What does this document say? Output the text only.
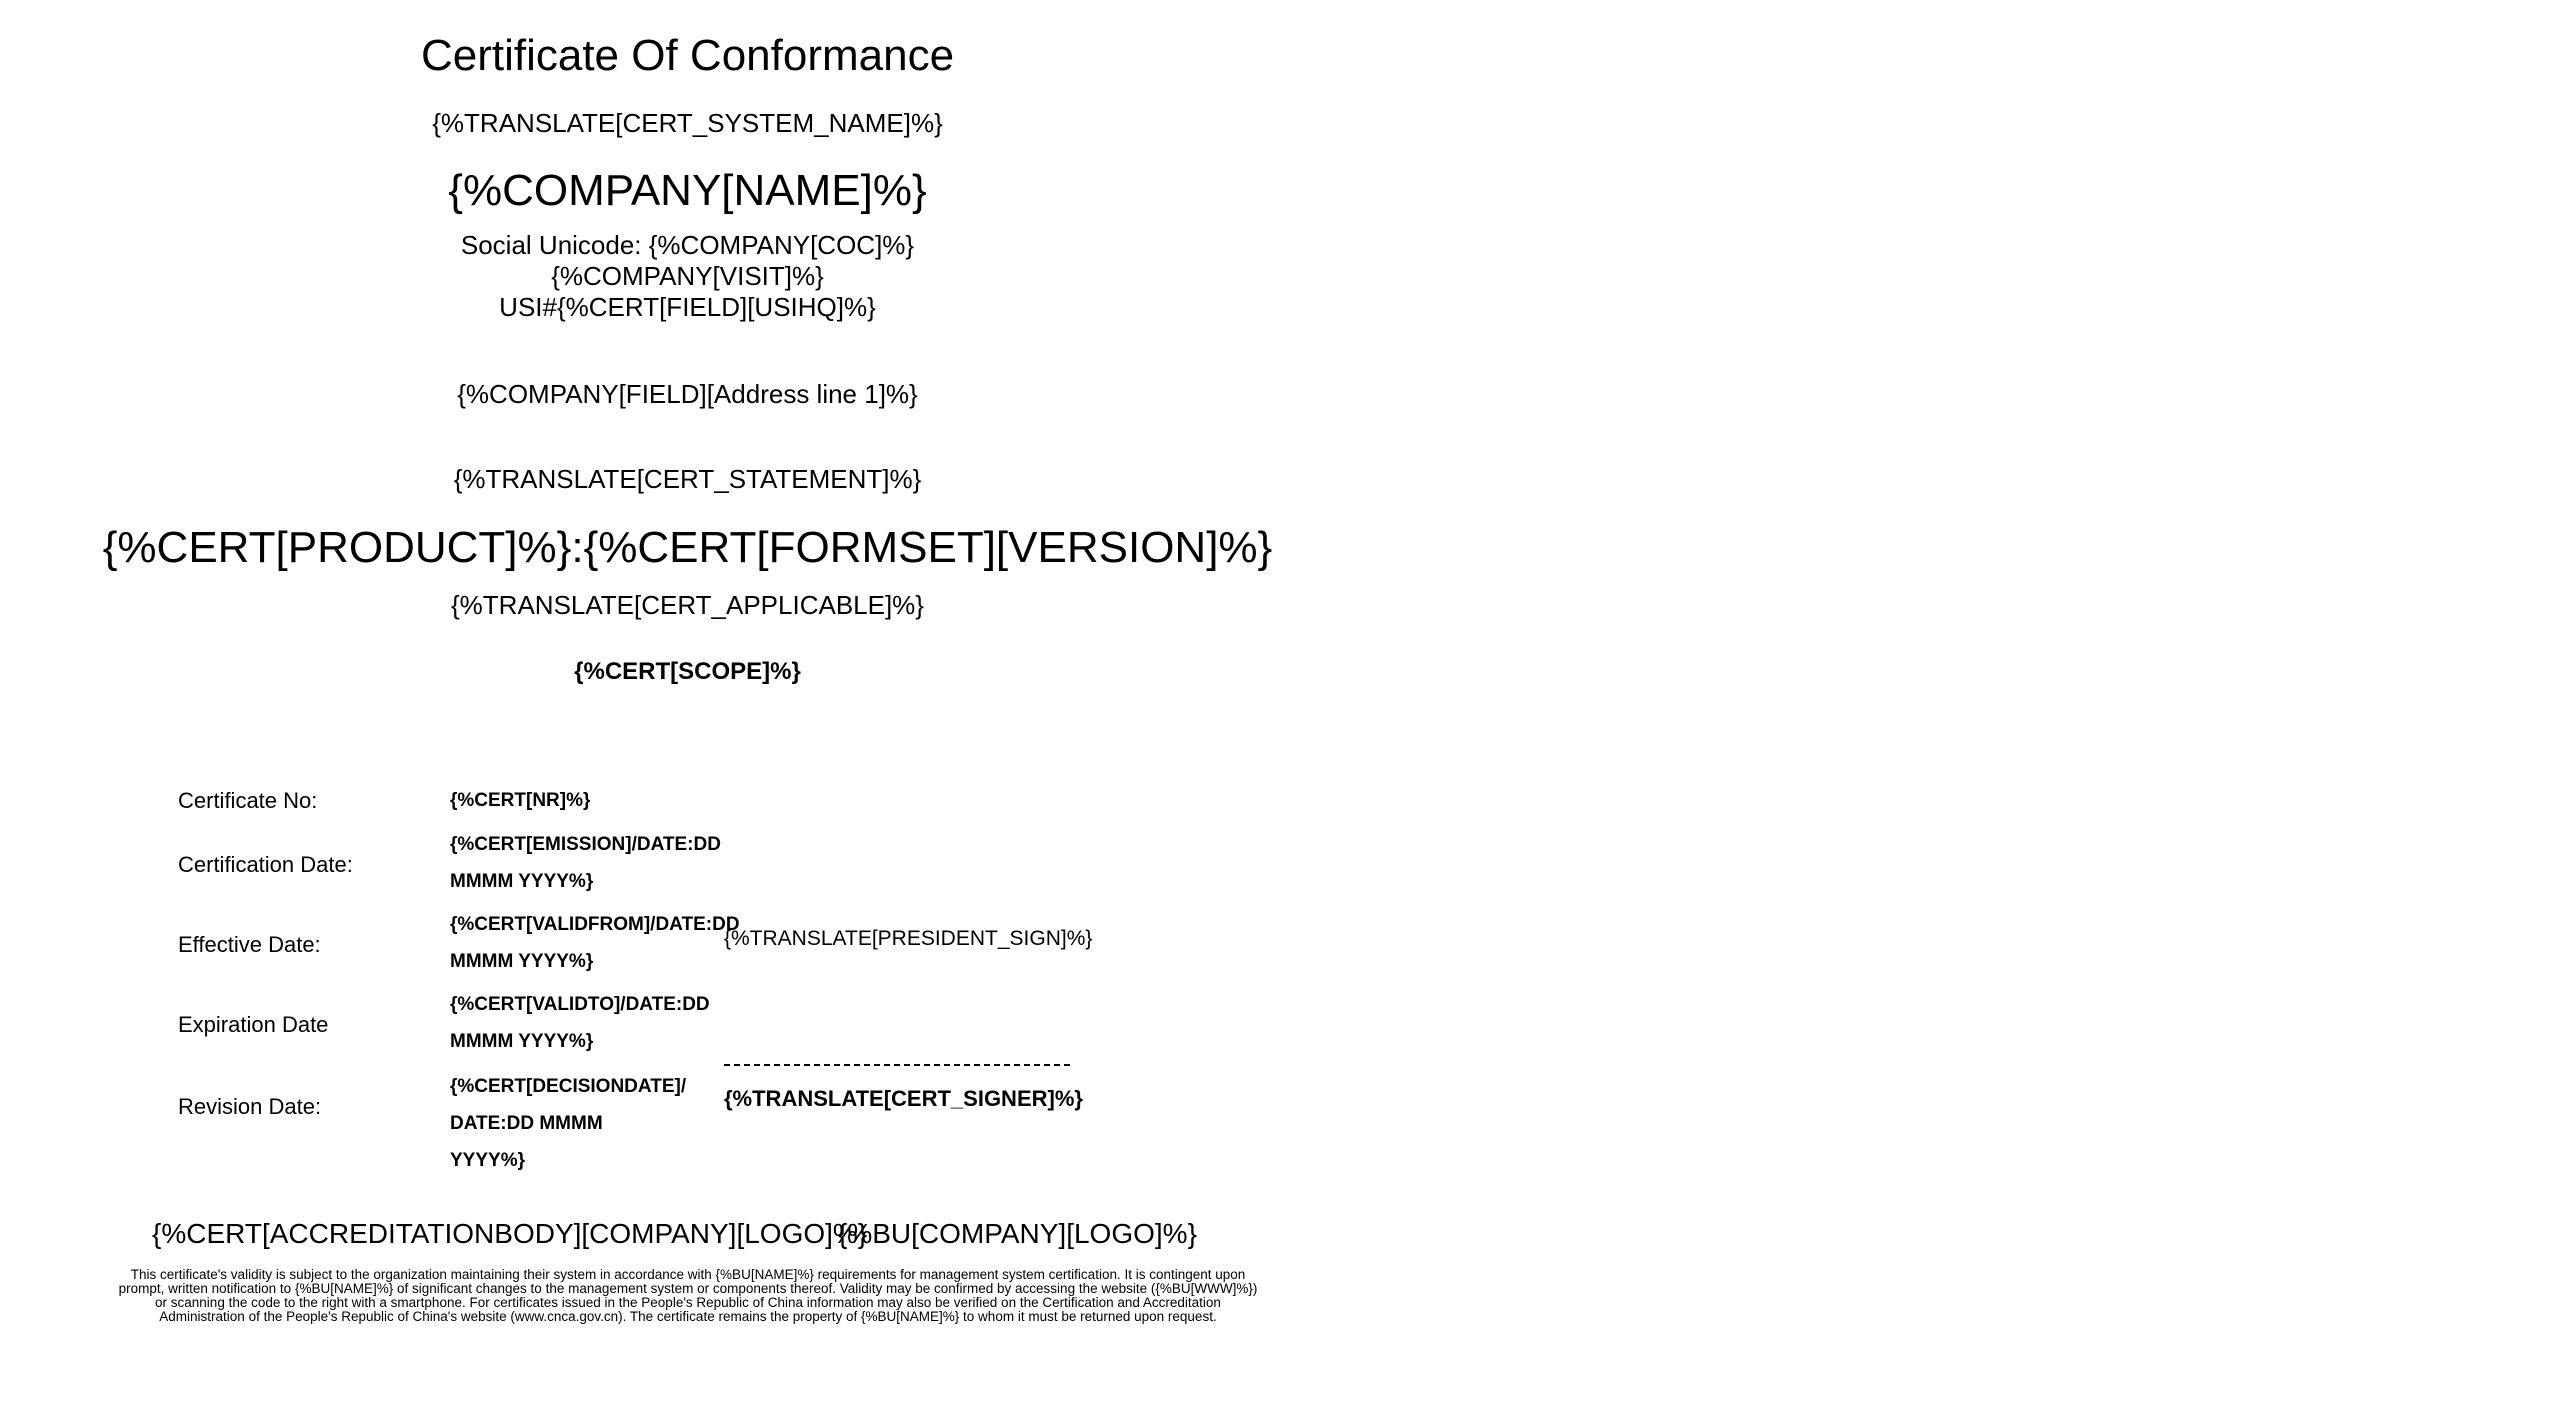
Certificate Of Conformance
{%TRANSLATE[CERT_SYSTEM_NAME]%}
{%COMPANY[NAME]%}
Social Unicode: {%COMPANY[COC]%}
{%COMPANY[VISIT]%}
USI#{%CERT[FIELD][USIHQ]%}
{%COMPANY[FIELD][Address line 1]%}
{%TRANSLATE[CERT_STATEMENT]%}
{%CERT[PRODUCT]%}:{%CERT[FORMSET][VERSION]%}
{%TRANSLATE[CERT_APPLICABLE]%}
{%CERT[SCOPE]%}
Certificate No:	{%CERT[NR]%}
Certification Date:
{%CERT[EMISSION]/DATE:DD MMMM YYYY%}
Effective Date:
{%CERT[VALIDFROM]/DATE:DD MMMM YYYY%}
Expiration Date
{%CERT[VALIDTO]/DATE:DD MMMM YYYY%}
Revision Date:
{%CERT[DECISIONDATE]/ DATE:DD MMMM YYYY%}
{%TRANSLATE[PRESIDENT_SIGN]%}
{%TRANSLATE[CERT_SIGNER]%}
{%CERT[ACCREDITATIONBODY][COMPANY][LOGO]%}
{%BU[COMPANY][LOGO]%}
This certificate's validity is subject to the organization maintaining their system in accordance with {%BU[NAME]%} requirements for management system certification. It is contingent upon prompt, written notification to {%BU[NAME]%} of significant changes to the management system or components thereof. Validity may be confirmed by accessing the website ({%BU[WWW]%}) or scanning the code to the right with a smartphone. For certificates issued in the People's Republic of China information may also be verified on the Certification and Accreditation Administration of the People's Republic of China's website (www.cnca.gov.cn). The certificate remains the property of {%BU[NAME]%} to whom it must be returned upon request.
